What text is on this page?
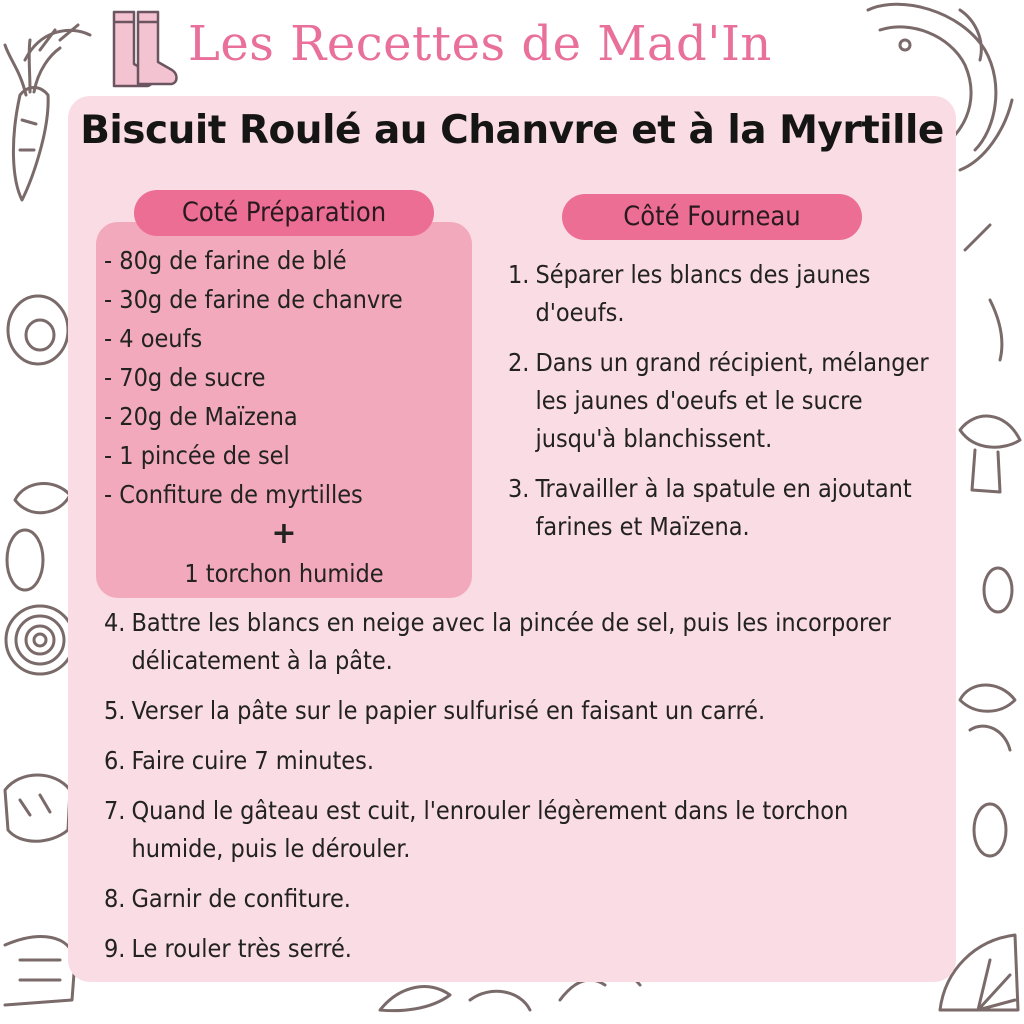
Les Recettes de Mad'In
Biscuit Roulé au Chanvre et à la Myrtille
Coté Préparation	Côté Fourneau
- 80g de farine de blé
- 30g de farine de chanvre
- 4 oeufs
- 70g de sucre
- 20g de Maïzena
- 1 pincée de sel
- Confiture de myrtilles
+
1 torchon humide
1. Séparer les blancs des jaunes d'oeufs.
2. Dans un grand récipient, mélanger les jaunes d'oeufs et le sucre jusqu'à blanchissent.
3. Travailler à la spatule en ajoutant farines et Maïzena.
4. Battre les blancs en neige avec la pincée de sel, puis les incorporer délicatement à la pâte.
5. Verser la pâte sur le papier sulfurisé en faisant un carré.
6. Faire cuire 7 minutes.
7. Quand le gâteau est cuit, l'enrouler légèrement dans le torchon humide, puis le dérouler.
8. Garnir de confiture.
9. Le rouler très serré.
